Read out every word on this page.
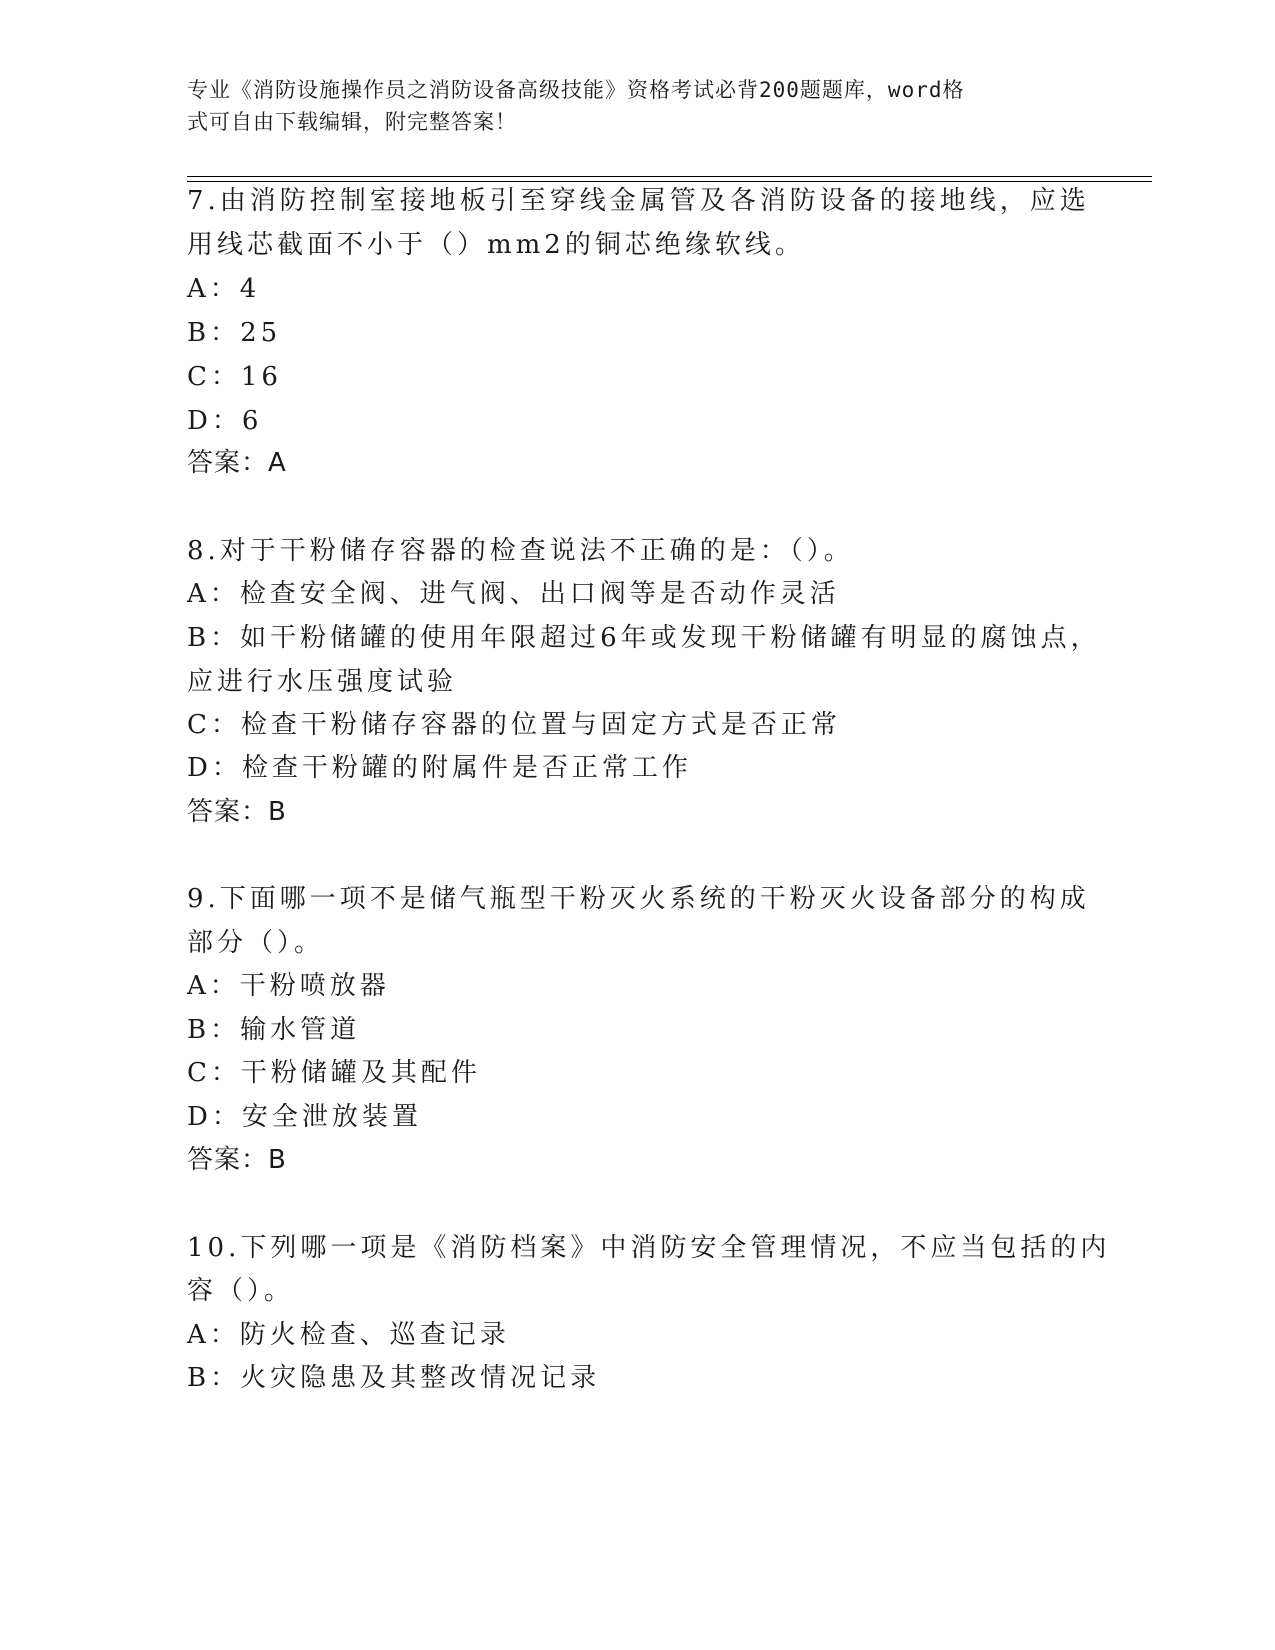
专业《消防设施操作员之消防设备高级技能》资格考试必背200题题库，word格
式可自由下载编辑，附完整答案！
7.由消防控制室接地板引至穿线金属管及各消防设备的接地线，应选
用线芯截面不小于（）mm2的铜芯绝缘软线。
A：4
B：25
C：16
D：6
答案：A
8.对于干粉储存容器的检查说法不正确的是：（）。
A：检查安全阀、进气阀、出口阀等是否动作灵活
B：如干粉储罐的使用年限超过6年或发现干粉储罐有明显的腐蚀点，
应进行水压强度试验
C：检查干粉储存容器的位置与固定方式是否正常
D：检查干粉罐的附属件是否正常工作
答案：B
9.下面哪一项不是储气瓶型干粉灭火系统的干粉灭火设备部分的构成
部分（）。
A：干粉喷放器
B：输水管道
C：干粉储罐及其配件
D：安全泄放装置
答案：B
10.下列哪一项是《消防档案》中消防安全管理情况，不应当包括的内
容（）。
A：防火检查、巡查记录
B：火灾隐患及其整改情况记录
